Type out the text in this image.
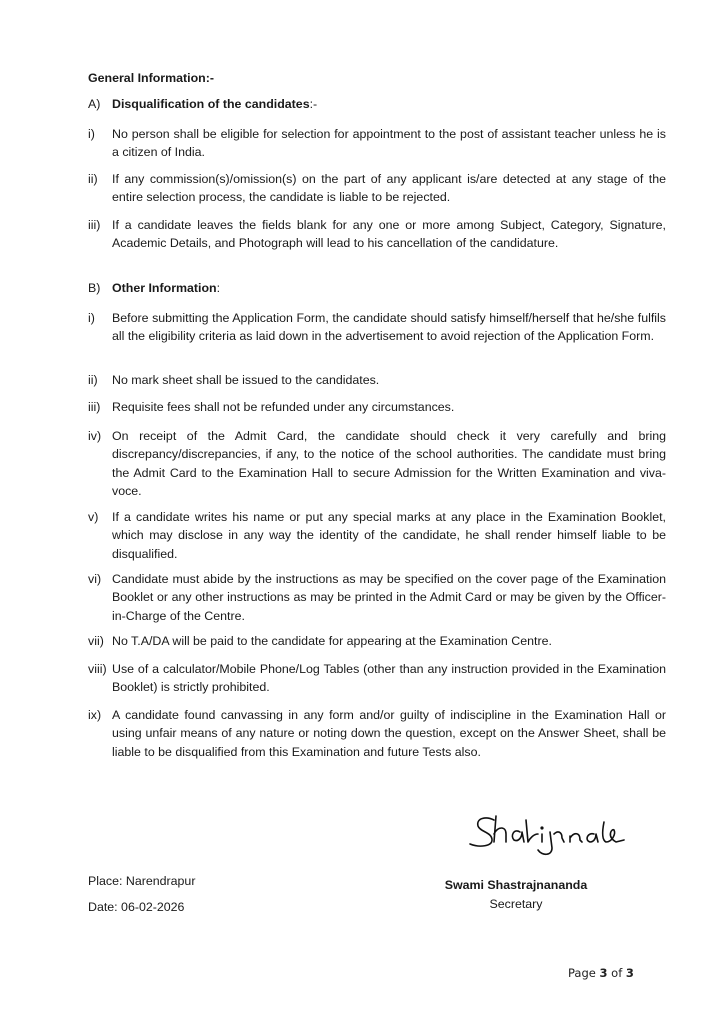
General Information:-
A) Disqualification of the candidates:-
i) No person shall be eligible for selection for appointment to the post of assistant teacher unless he is a citizen of India.
ii) If any commission(s)/omission(s) on the part of any applicant is/are detected at any stage of the entire selection process, the candidate is liable to be rejected.
iii) If a candidate leaves the fields blank for any one or more among Subject, Category, Signature, Academic Details, and Photograph will lead to his cancellation of the candidature.
B) Other Information:
i) Before submitting the Application Form, the candidate should satisfy himself/herself that he/she fulfils all the eligibility criteria as laid down in the advertisement to avoid rejection of the Application Form.
ii) No mark sheet shall be issued to the candidates.
iii) Requisite fees shall not be refunded under any circumstances.
iv) On receipt of the Admit Card, the candidate should check it very carefully and bring discrepancy/discrepancies, if any, to the notice of the school authorities. The candidate must bring the Admit Card to the Examination Hall to secure Admission for the Written Examination and viva-voce.
v) If a candidate writes his name or put any special marks at any place in the Examination Booklet, which may disclose in any way the identity of the candidate, he shall render himself liable to be disqualified.
vi) Candidate must abide by the instructions as may be specified on the cover page of the Examination Booklet or any other instructions as may be printed in the Admit Card or may be given by the Officer-in-Charge of the Centre.
vii) No T.A/DA will be paid to the candidate for appearing at the Examination Centre.
viii) Use of a calculator/Mobile Phone/Log Tables (other than any instruction provided in the Examination Booklet) is strictly prohibited.
ix) A candidate found canvassing in any form and/or guilty of indiscipline in the Examination Hall or using unfair means of any nature or noting down the question, except on the Answer Sheet, shall be liable to be disqualified from this Examination and future Tests also.
Swami Shastrajnananda
Secretary
Place: Narendrapur
Date: 06-02-2026
Page 3 of 3
